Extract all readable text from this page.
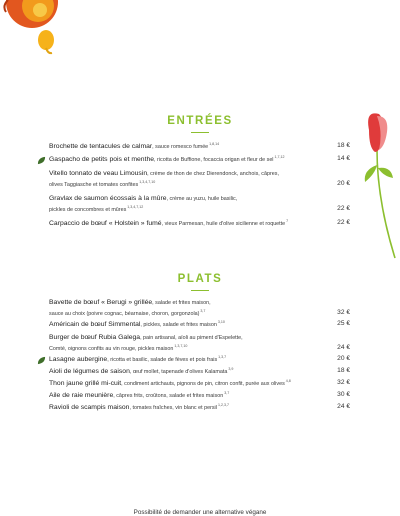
ENTRÉES
Brochette de tentacules de calmar, sauce romesco fumée $^{1,8,14}$	18 €
Gaspacho de petits pois et menthe, ricotta de Buffione, focaccia origan et fleur de sel $^{1,7,12}$	14 €
Vitello tonnato de veau Limousin, crème de thon de chez Dierendonck, anchois, câpres,
olives Taggiasche et tomates confites $^{1,3,4,7,10}$	20 €
Gravlax de saumon écossais à la mûre, crème au yuzu, huile basilic,
pickles de concombres et mûres $^{1,3,4,7,12}$	22 €
Carpaccio de bœuf « Holstein » fumé, vieux Parmesan, huile d'olive sicilienne et roquette $^7$	22 €
Bavette de bœuf « Berugi » grillée, salade et frites maison,
sauce au choix (poivre cognac, béarnaise, choron, gorgonzola) $^{3,7}$	32 €
Américain de bœuf Simmental, pickles, salade et frites maison $^{3,10}$	25 €
Burger de bœuf Rubia Galega, pain artisanal, aïoli au piment d'Espelette,
Comté, oignons confits au vin rouge, pickles maison $^{1,3,7,10}$	24 €
Lasagne aubergine, ricotta et basilic, salade de fèves et pois frais $^{1,3,7}$	20 €
Aioli de légumes de saison, œuf mollet, tapenade d'olives Kalamata $^{3,9}$	18 €
Thon jaune grillé mi-cuit, condiment artichauts, pignons de pin, citron confit, purée aux olives $^{4,8}$	32 €
Aile de raie meunière, câpres frits, croûtons, salade et frites maison $^{3,7}$	30 €
Ravioli de scampis maison, tomates fraîches, vin blanc et persil $^{1,2,3,7}$	24 €
PLATS
Possibilité de demander une alternative végane
